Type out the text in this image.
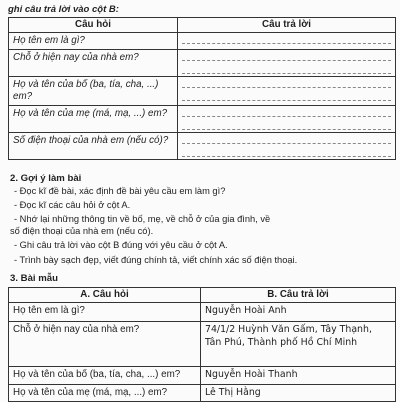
ghi câu trả lời vào cột B:
Câu hỏi	Câu trả lời
Họ tên em là gì?	

Chỗ ở hiện nay của nhà em?	

Họ và tên của bố (ba, tía, cha, ...) em?	

Họ và tên của mẹ (má, mạ, ...) em?	

Số điện thoại của nhà em (nếu có)?	
2. Gợi ý làm bài
- Đọc kĩ đề bài, xác định đề bài yêu cầu em làm gì?
- Đọc kĩ các câu hỏi ở cột A.
- Nhớ lại những thông tin về bố, mẹ, về chỗ ở của gia đình, về
số điện thoại của nhà em (nếu có).
- Ghi câu trả lời vào cột B đúng với yêu cầu ở cột A.
- Trình bày sạch đẹp, viết đúng chính tả, viết chính xác số điện thoại.
3. Bài mẫu
A. Câu hỏi	B. Câu trả lời
Họ tên em là gì?	Nguyễn Hoài Anh
Chỗ ở hiện nay của nhà em?	74/1/2 Huỳnh Văn Gấm, Tây Thạnh, Tân Phú, Thành phố Hồ Chí Minh
Họ và tên của bố (ba, tía, cha, ...) em?	Nguyễn Hoài Thanh
Họ và tên của mẹ (má, mạ, ...) em?	Lê Thị Hằng
